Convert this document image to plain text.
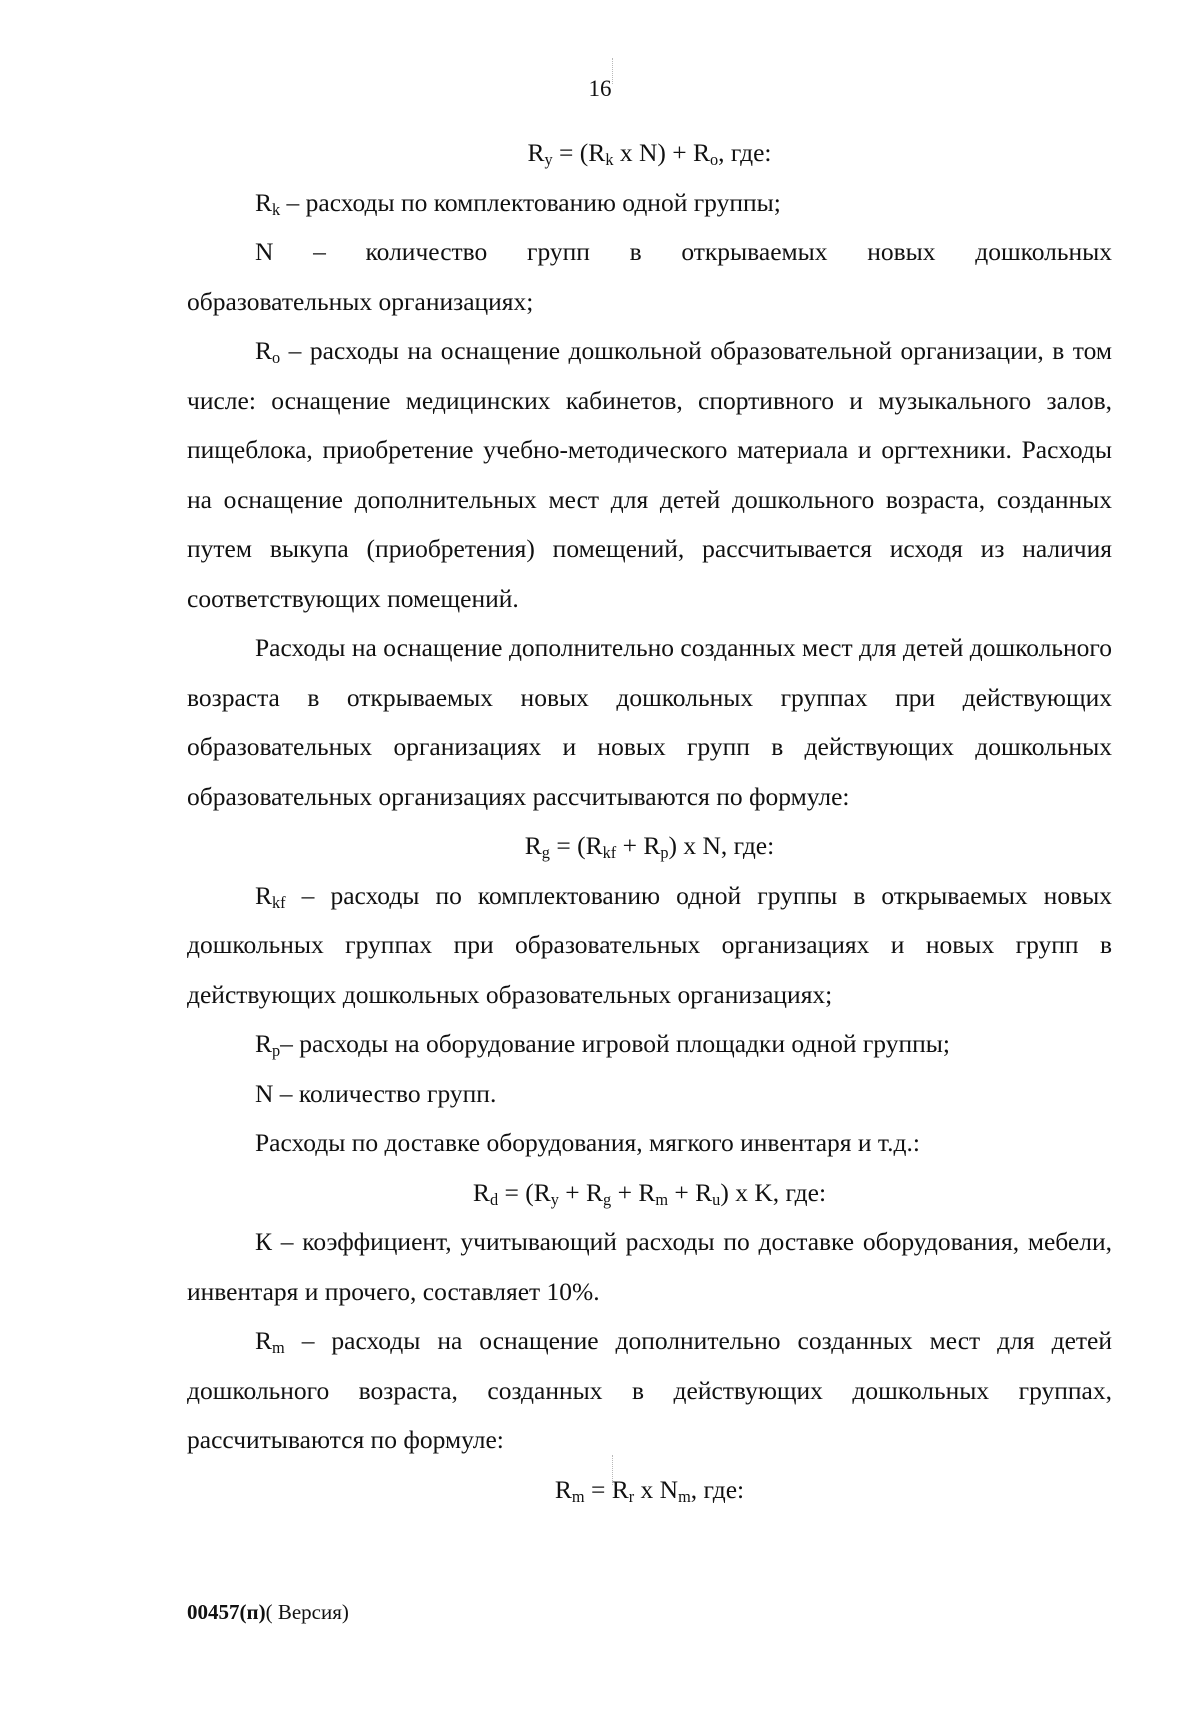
16

$R_y = (R_k$ x $N) + R_o$, где:

$R_k$ – расходы по комплектованию одной группы;

N – количество групп в открываемых новых дошкольных

образовательных организациях;

$R_o$ – расходы на оснащение дошкольной образовательной организации, в том числе: оснащение медицинских кабинетов, спортивного и музыкального залов, пищеблока, приобретение учебно-методического материала и оргтехники. Расходы на оснащение дополнительных мест для детей дошкольного возраста, созданных путем выкупа (приобретения) помещений, рассчитывается исходя из наличия соответствующих помещений.

Расходы на оснащение дополнительно созданных мест для детей дошкольного возраста в открываемых новых дошкольных группах при действующих образовательных организациях и новых групп в действующих дошкольных образовательных организациях рассчитываются по формуле:

$R_g = (R_{kf} + R_p)$ x N, где:

$R_{kf}$ – расходы по комплектованию одной группы в открываемых новых дошкольных группах при образовательных организациях и новых групп в действующих дошкольных образовательных организациях;

$R_p-$ расходы на оборудование игровой площадки одной группы;

N – количество групп.

Расходы по доставке оборудования, мягкого инвентаря и т.д.:

$R_d = (R_y + R_g + R_m + R_u)$ x K, где:

К – коэффициент, учитывающий расходы по доставке оборудования, мебели, инвентаря и прочего, составляет 10%.

$R_m$ – расходы на оснащение дополнительно созданных мест для детей дошкольного возраста, созданных в действующих дошкольных группах, рассчитываются по формуле:

$R_m = R_r$ x $N_m$, где:

00457(п)( Версия)
